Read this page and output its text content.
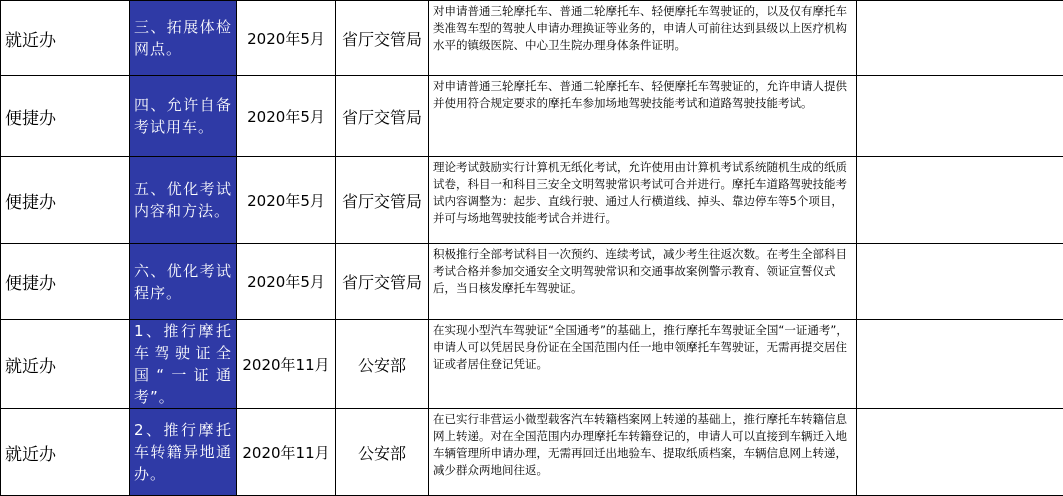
就近办	三、拓展体检网点。	2020年5月	省厅交管局	对申请普通三轮摩托车、普通二轮摩托车、轻便摩托车驾驶证的，以及仅有摩托车类准驾车型的驾驶人申请办理换证等业务的，申请人可前往达到县级以上医疗机构水平的镇级医院、中心卫生院办理身体条件证明。	
便捷办	四、允许自备考试用车。	2020年5月	省厅交管局	对申请普通三轮摩托车、普通二轮摩托车、轻便摩托车驾驶证的，允许申请人提供并使用符合规定要求的摩托车参加场地驾驶技能考试和道路驾驶技能考试。	
便捷办	五、优化考试内容和方法。	2020年5月	省厅交管局	理论考试鼓励实行计算机无纸化考试，允许使用由计算机考试系统随机生成的纸质试卷，科目一和科目三安全文明驾驶常识考试可合并进行。摩托车道路驾驶技能考试内容调整为：起步、直线行驶、通过人行横道线、掉头、靠边停车等5个项目，并可与场地驾驶技能考试合并进行。	
便捷办	六、优化考试程序。	2020年5月	省厅交管局	积极推行全部考试科目一次预约、连续考试，减少考生往返次数。在考生全部科目考试合格并参加交通安全文明驾驶常识和交通事故案例警示教育、领证宣誓仪式后，当日核发摩托车驾驶证。	
就近办	1、推行摩托车驾驶证全国“一证通考”。	2020年11月	公安部	在实现小型汽车驾驶证“全国通考”的基础上，推行摩托车驾驶证全国“一证通考”，申请人可以凭居民身份证在全国范围内任一地申领摩托车驾驶证，无需再提交居住证或者居住登记凭证。	
就近办	2、推行摩托车转籍异地通办。	2020年11月	公安部	在已实行非营运小微型载客汽车转籍档案网上转递的基础上，推行摩托车转籍信息网上转递。对在全国范围内办理摩托车转籍登记的，申请人可以直接到车辆迁入地车辆管理所申请办理，无需再回迁出地验车、提取纸质档案，车辆信息网上转递，减少群众两地间往返。	
